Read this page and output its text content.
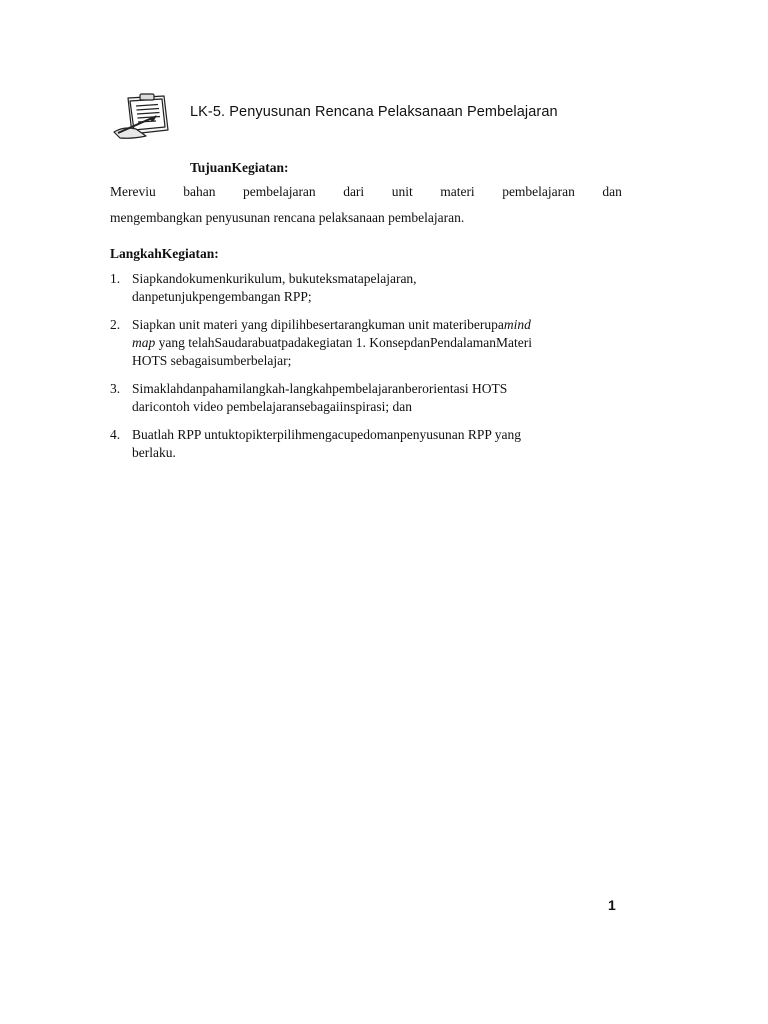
LK-5. Penyusunan Rencana Pelaksanaan Pembelajaran

TujuanKegiatan:

Mereviu bahan pembelajaran dari unit materi pembelajaran dan

mengembangkan penyusunan rencana pelaksanaan pembelajaran.

LangkahKegiatan:

1. Siapkandokumenkurikulum, bukuteksmatapelajaran,
danpetunjukpengembangan RPP;
2. Siapkan unit materi yang dipilihbesertarangkuman unit materiberupamind
map yang telahSaudarabuatpadakegiatan 1. KonsepdanPendalamanMateri
HOTS sebagaisumberbelajar;
3. Simaklahdanpahamilangkah-langkahpembelajaranberorientasi HOTS
daricontoh video pembelajaransebagaiinspirasi; dan
4. Buatlah RPP untuktopikterpilihmengacupedomanpenyusunan RPP yang
berlaku.
1
